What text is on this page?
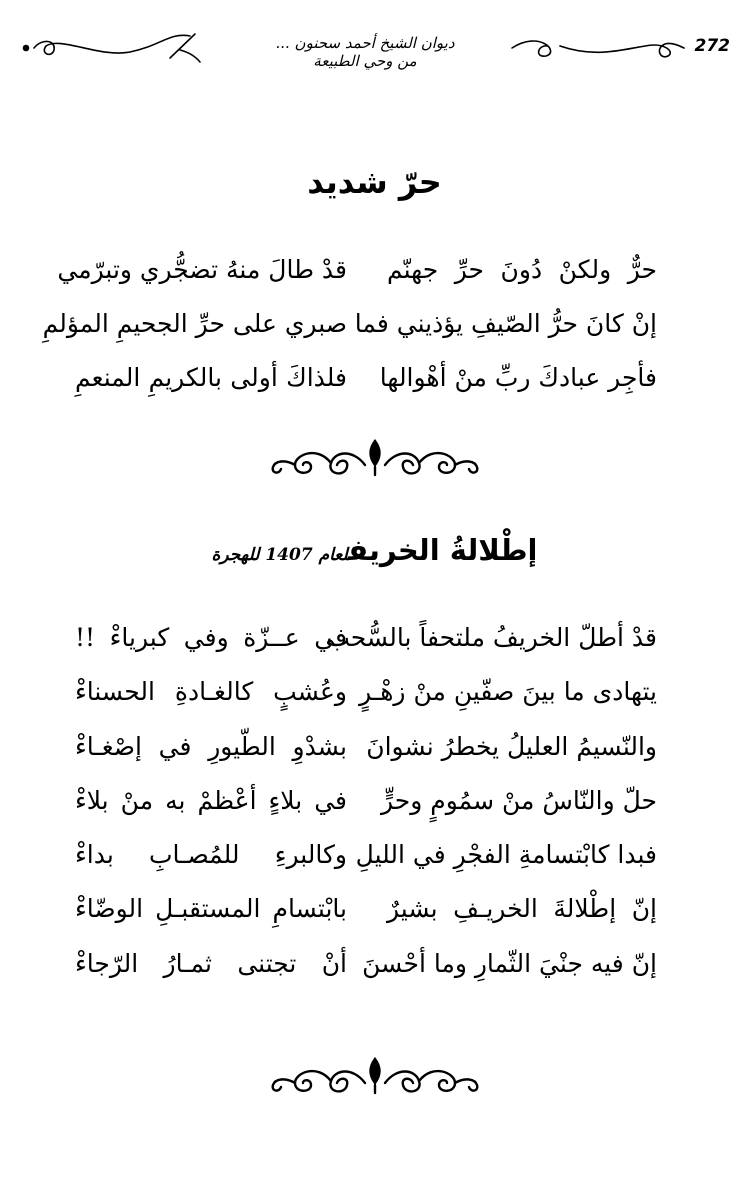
ديوان الشيخ أحمد سحنون ...
من وحي الطبيعة
272
حرّ شديد
حرٌّ ولكنْ دُونَ حرِّ جهنّم
قدْ طالَ منهُ تضجُّري وتبرّمي
إنْ كانَ حرُّ الصّيفِ يؤذيني فما
صبري على حرِّ الجحيمِ المؤلمِ
فأجِر عبادكَ ربِّ منْ أهْوالها
فلذاكَ أولى بالكريمِ المنعمِ
إطْلالةُ الخريفلعام 1407 للهجرة
قدْ أطلّ الخريفُ ملتحفاً بالسُّحب
في عــزّة وفي كبرياءْ !!
يتهادى ما بينَ صفّينِ منْ زهْـرٍ
وعُشبٍ كالغـادةِ الحسناءْ
والنّسيمُ العليلُ يخطرُ نشوانَ
بشدْوِ الطّيورِ في إصْغـاءْ
حلّ والنّاسُ منْ سمُومٍ وحرٍّ
في بلاءٍ أعْظمْ به منْ بلاءْ
فبدا كابْتسامةِ الفجْرِ في الليلِ
وكالبرءِ للمُصـابِ بداءْ
إنّ إطْلالةَ الخريـفِ بشيرٌ
بابْتسامِ المستقبـلِ الوضّاءْ
إنّ فيه جنْيَ الثّمارِ وما أحْسنَ
أنْ تجتنى ثمـارُ الرّجاءْ
